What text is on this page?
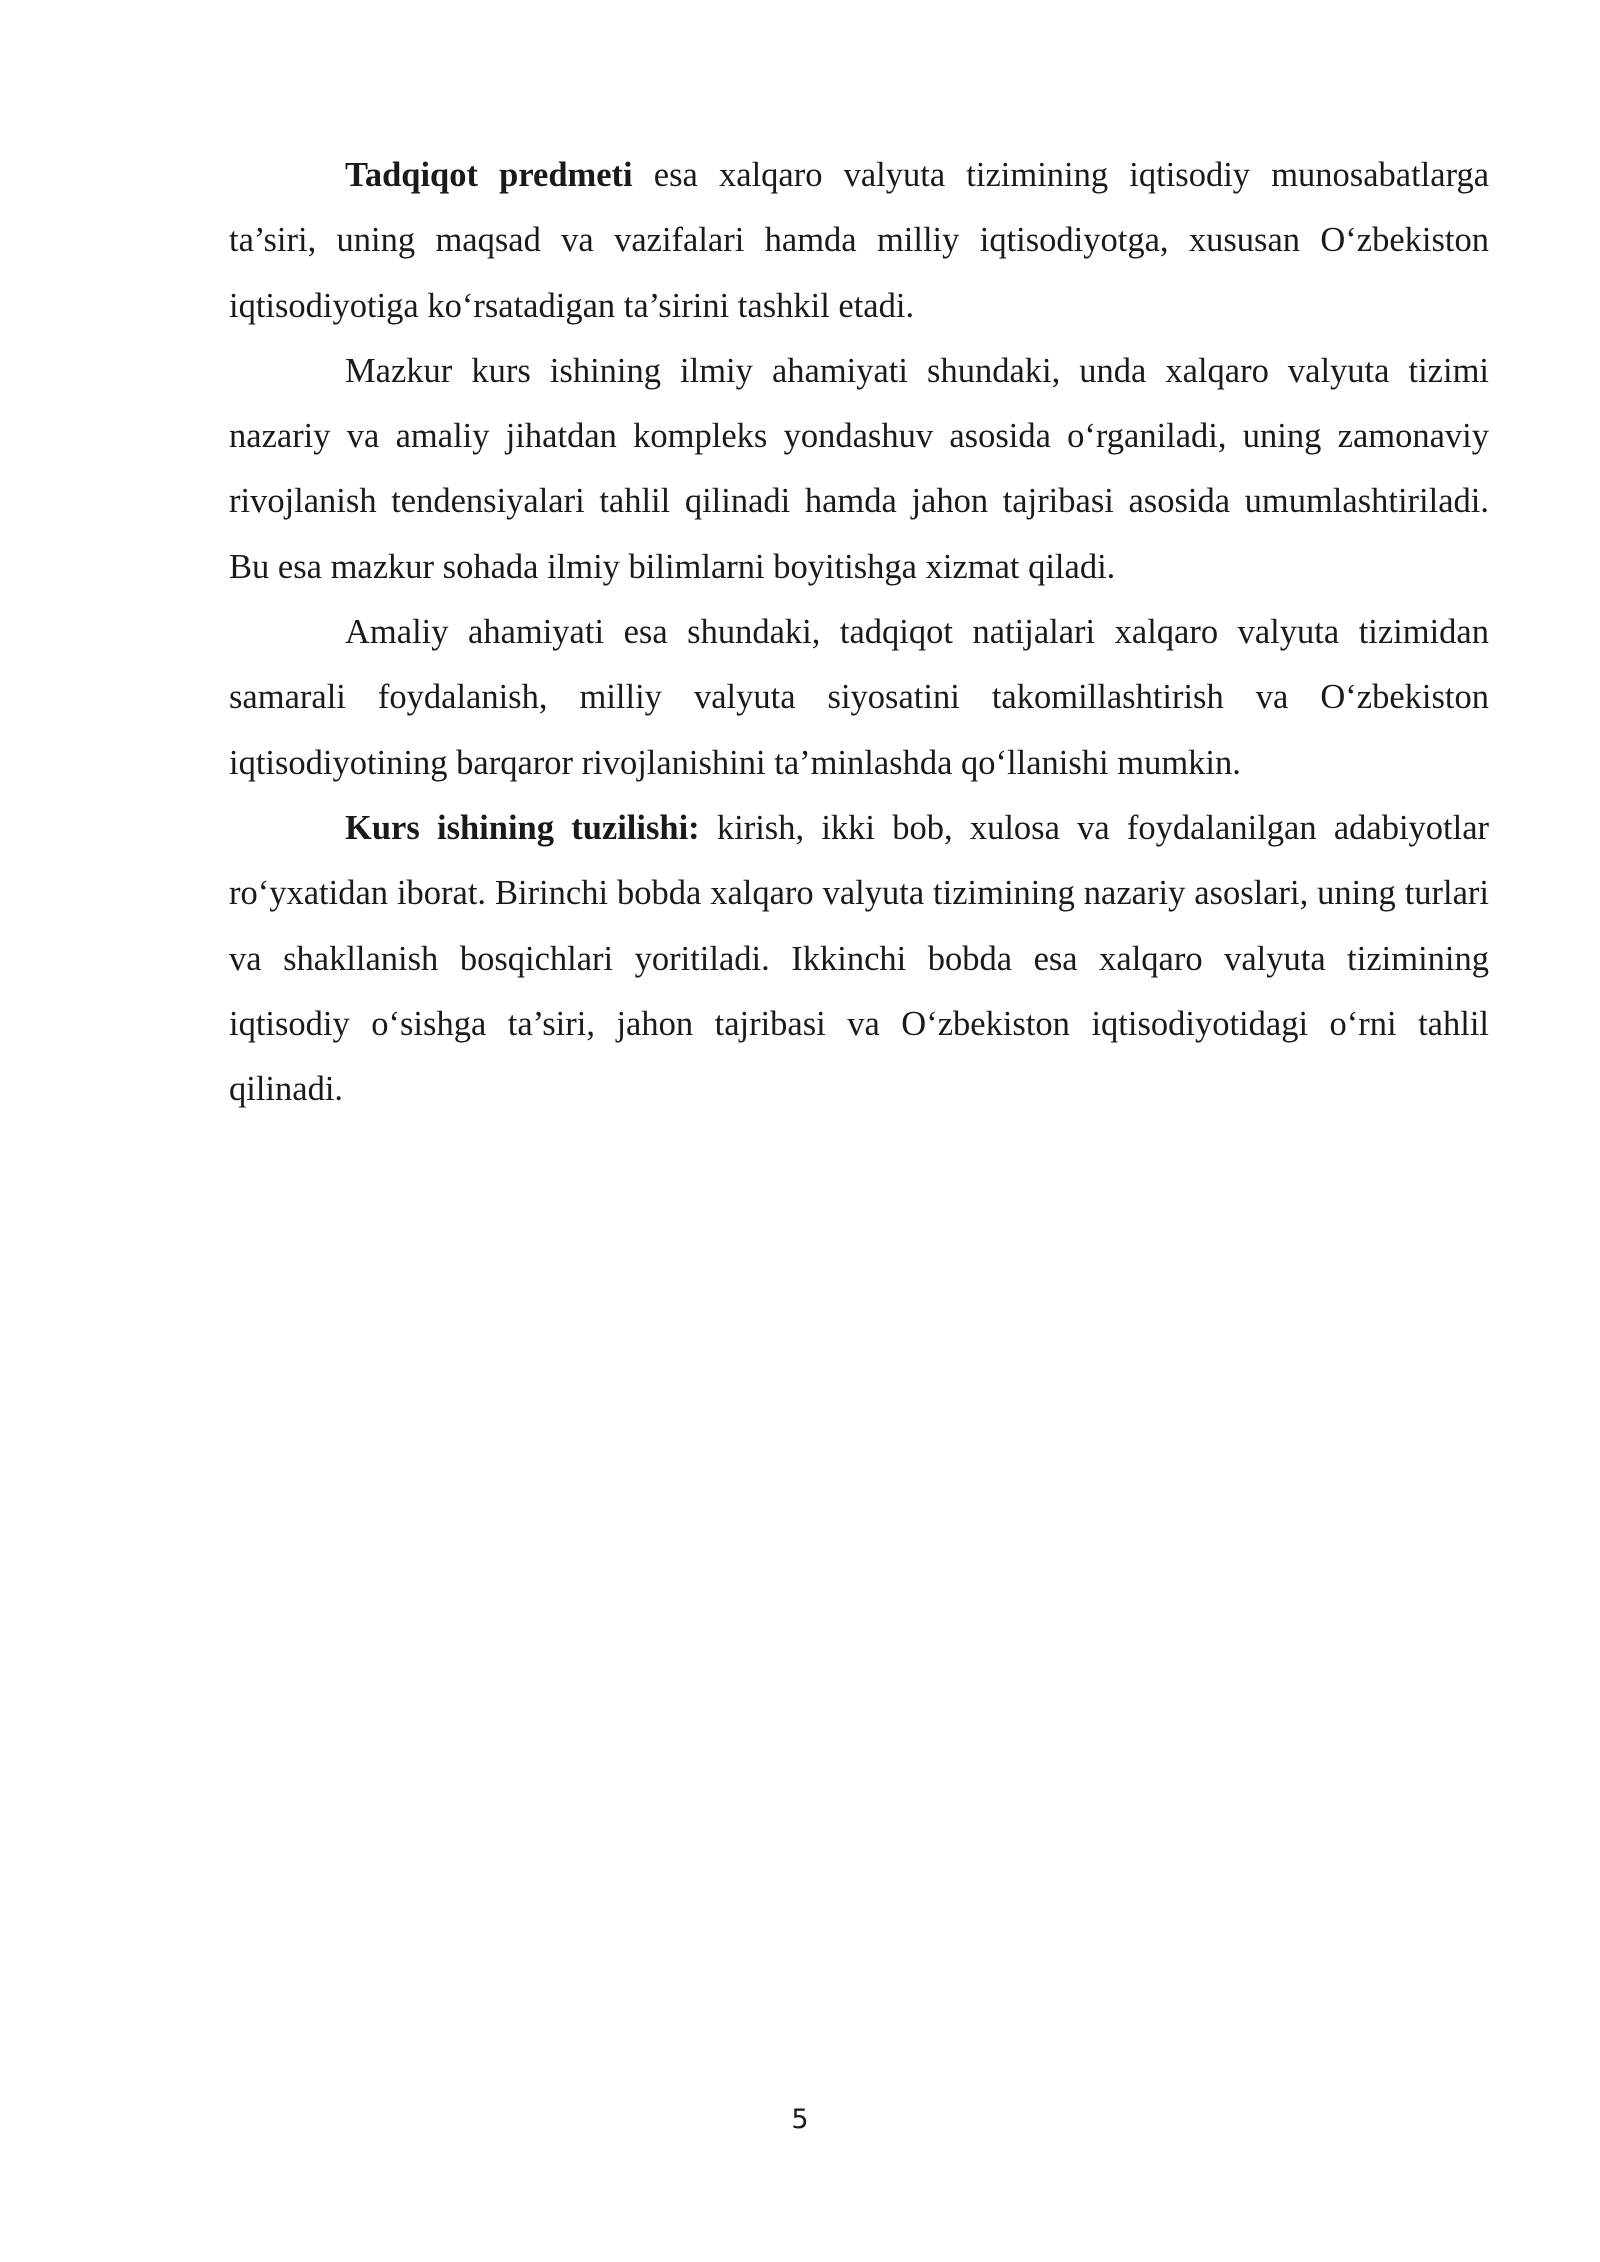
Tadqiqot predmeti esa xalqaro valyuta tizimining iqtisodiy munosabatlarga ta’siri, uning maqsad va vazifalari hamda milliy iqtisodiyotga, xususan O‘zbekiston iqtisodiyotiga ko‘rsatadigan ta’sirini tashkil etadi.

Mazkur kurs ishining ilmiy ahamiyati shundaki, unda xalqaro valyuta tizimi nazariy va amaliy jihatdan kompleks yondashuv asosida o‘rganiladi, uning zamonaviy rivojlanish tendensiyalari tahlil qilinadi hamda jahon tajribasi asosida umumlashtiriladi. Bu esa mazkur sohada ilmiy bilimlarni boyitishga xizmat qiladi.

Amaliy ahamiyati esa shundaki, tadqiqot natijalari xalqaro valyuta tizimidan samarali foydalanish, milliy valyuta siyosatini takomillashtirish va O‘zbekiston iqtisodiyotining barqaror rivojlanishini ta’minlashda qo‘llanishi mumkin.

Kurs ishining tuzilishi: kirish, ikki bob, xulosa va foydalanilgan adabiyotlar ro‘yxatidan iborat. Birinchi bobda xalqaro valyuta tizimining nazariy asoslari, uning turlari va shakllanish bosqichlari yoritiladi. Ikkinchi bobda esa xalqaro valyuta tizimining iqtisodiy o‘sishga ta’siri, jahon tajribasi va O‘zbekiston iqtisodiyotidagi o‘rni tahlil qilinadi.

5
